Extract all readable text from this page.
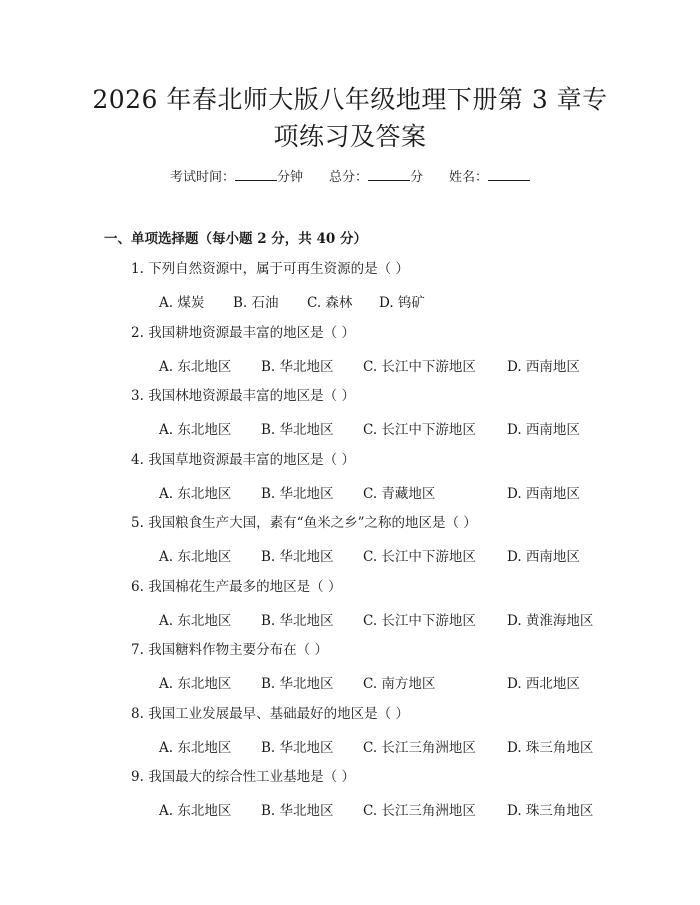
2026 年春北师大版八年级地理下册第 3 章专
项练习及答案
考试时间：	分钟 总分：	分 姓名：
一、单项选择题（每小题 2 分，共 40 分）
1. 下列自然资源中，属于可再生资源的是（ ）
A. 煤炭 B. 石油 C. 森林 D. 钨矿
2. 我国耕地资源最丰富的地区是（ ）
A. 东北地区 B. 华北地区 C. 长江中下游地区 D. 西南地区
3. 我国林地资源最丰富的地区是（ ）
A. 东北地区 B. 华北地区 C. 长江中下游地区 D. 西南地区
4. 我国草地资源最丰富的地区是（ ）
A. 东北地区 B. 华北地区 C. 青藏地区	D. 西南地区
5. 我国粮食生产大国，素有“鱼米之乡”之称的地区是（ ）
A. 东北地区 B. 华北地区 C. 长江中下游地区 D. 西南地区
6. 我国棉花生产最多的地区是（ ）
A. 东北地区 B. 华北地区 C. 长江中下游地区 D. 黄淮海地区
7. 我国糖料作物主要分布在（ ）
A. 东北地区 B. 华北地区 C. 南方地区	D. 西北地区
8. 我国工业发展最早、基础最好的地区是（ ）
A. 东北地区 B. 华北地区 C. 长江三角洲地区 D. 珠三角地区
9. 我国最大的综合性工业基地是（ ）
A. 东北地区 B. 华北地区 C. 长江三角洲地区 D. 珠三角地区
